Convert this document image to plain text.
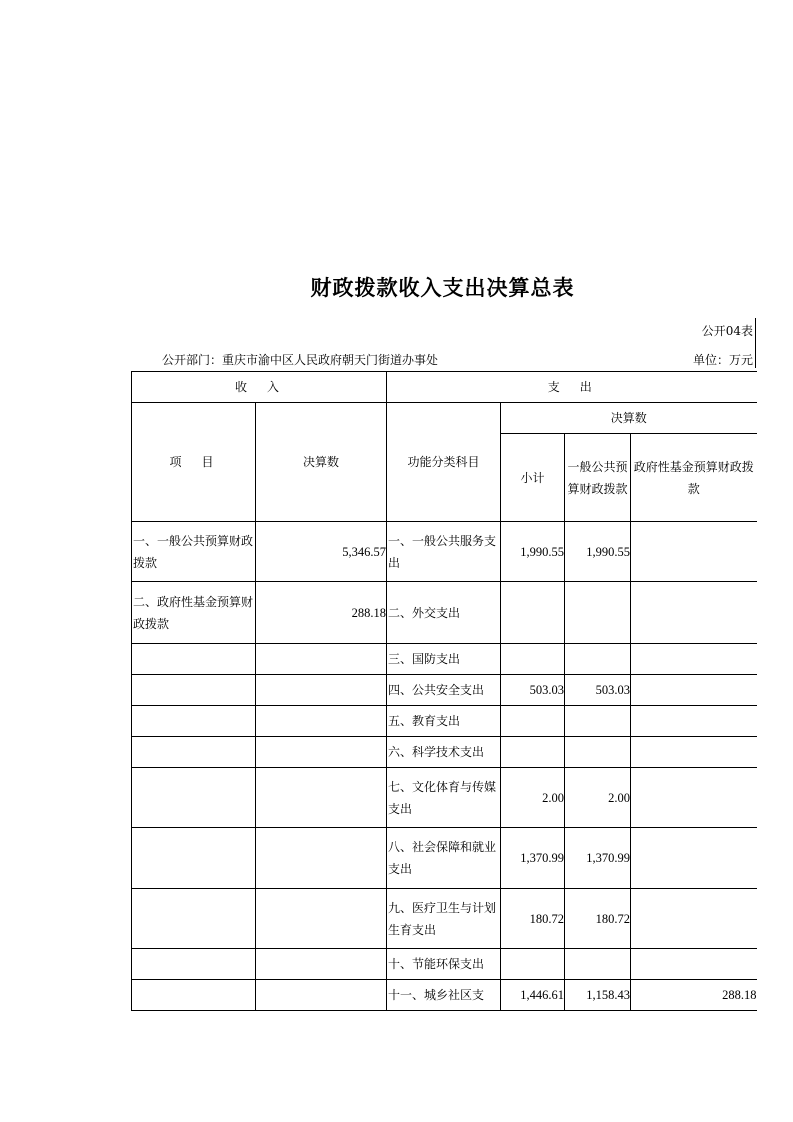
财政拨款收入支出决算总表
公开04表
公开部门：重庆市渝中区人民政府朝天门街道办事处	单位：万元
收　入		支　出			
项　目	决算数	功能分类科目	决算数		
			小计	一般公共预算财政拨款	政府性基金预算财政拨款
一、一般公共预算财政拨款	5,346.57	一、一般公共服务支出	1,990.55	1,990.55	
二、政府性基金预算财政拨款	288.18	二、外交支出			
		三、国防支出			
		四、公共安全支出	503.03	503.03	
		五、教育支出			
		六、科学技术支出			
		七、文化体育与传媒支出	2.00	2.00	
		八、社会保障和就业支出	1,370.99	1,370.99	
		九、医疗卫生与计划生育支出	180.72	180.72	
		十、节能环保支出			
		十一、城乡社区支	1,446.61	1,158.43	288.18
